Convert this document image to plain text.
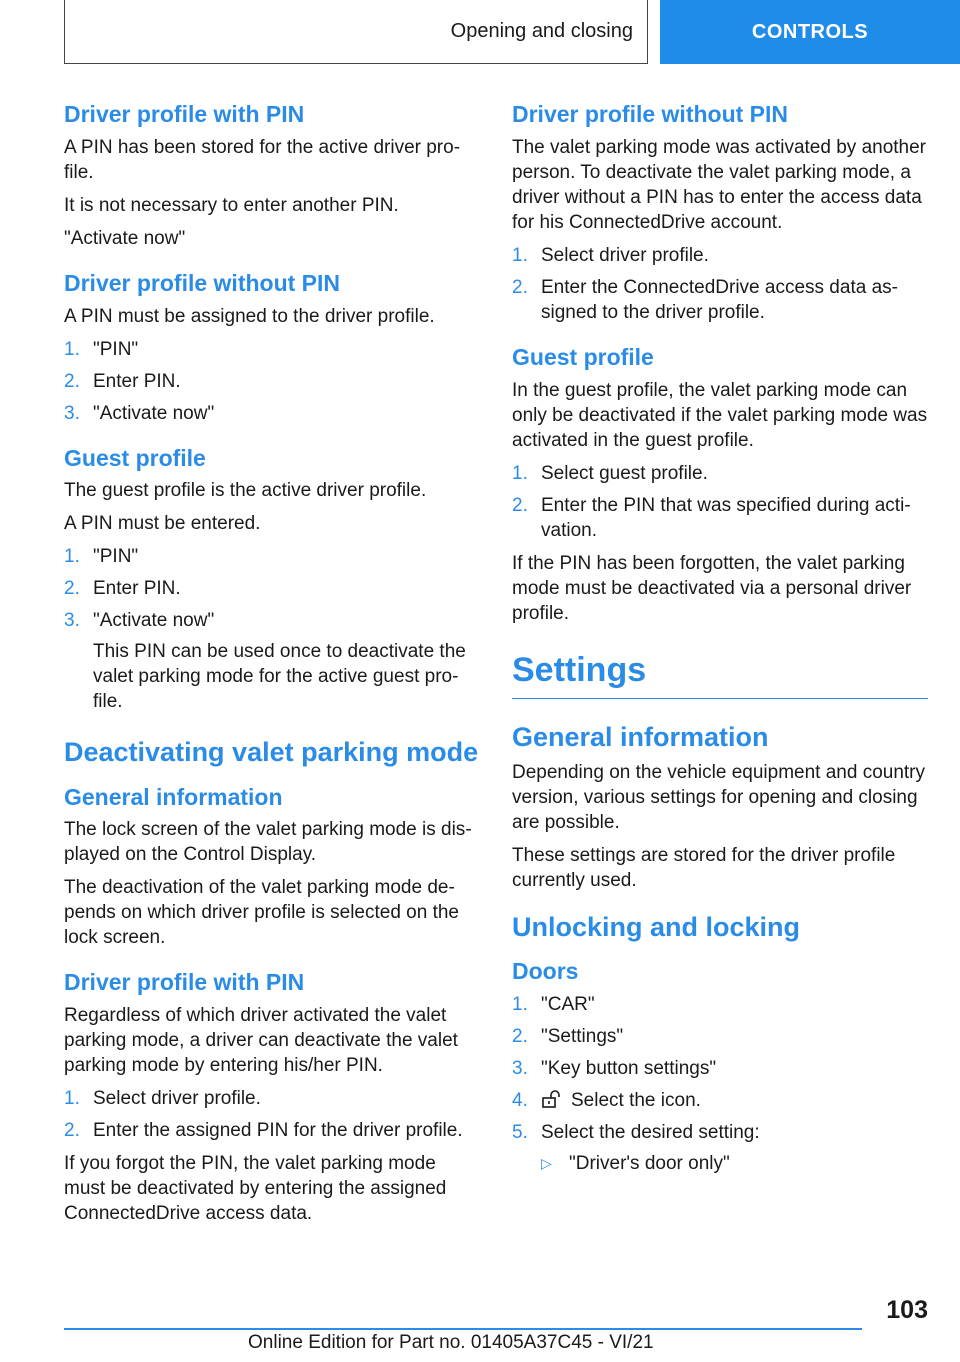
Opening and closing	CONTROLS
Driver profile with PIN

A PIN has been stored for the active driver profile.

It is not necessary to enter another PIN.

"Activate now"

Driver profile without PIN

A PIN must be assigned to the driver profile.

1. "PIN"
2. Enter PIN.
3. "Activate now"
Guest profile

The guest profile is the active driver profile.

A PIN must be entered.

1. "PIN"
2. Enter PIN.
3. "Activate now"
This PIN can be used once to deactivate the valet parking mode for the active guest profile.
Deactivating valet parking mode
General information

The lock screen of the valet parking mode is displayed on the Control Display.

The deactivation of the valet parking mode depends on which driver profile is selected on the lock screen.

Driver profile with PIN

Regardless of which driver activated the valet parking mode, a driver can deactivate the valet parking mode by entering his/her PIN.

1. Select driver profile.
2. Enter the assigned PIN for the driver profile.

If you forgot the PIN, the valet parking mode must be deactivated by entering the assigned ConnectedDrive access data.

Driver profile without PIN

The valet parking mode was activated by another person. To deactivate the valet parking mode, a driver without a PIN has to enter the access data for his ConnectedDrive account.

1. Select driver profile.
2. Enter the ConnectedDrive access data assigned to the driver profile.
Guest profile

In the guest profile, the valet parking mode can only be deactivated if the valet parking mode was activated in the guest profile.

1. Select guest profile.
2. Enter the PIN that was specified during activation.

If the PIN has been forgotten, the valet parking mode must be deactivated via a personal driver profile.

Settings
General information

Depending on the vehicle equipment and country version, various settings for opening and closing are possible.

These settings are stored for the driver profile currently used.

Unlocking and locking
Doors
1. "CAR"
2. "Settings"
3. "Key button settings"
4. Select the icon.
5. Select the desired setting:
▷ "Driver's door only"
103
Online Edition for Part no. 01405A37C45 - VI/21
